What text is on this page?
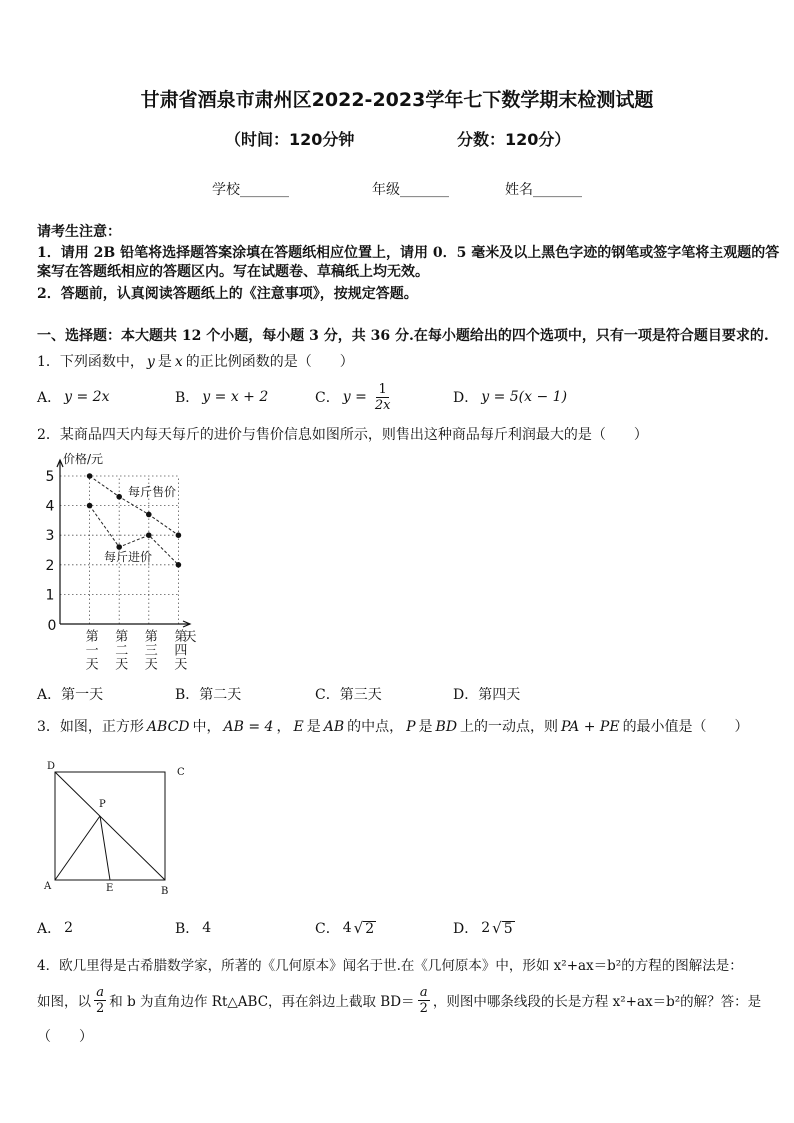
甘肃省酒泉市肃州区2022-2023学年七下数学期末检测试题
（时间：120分钟	分数：120分）
学校_______	年级_______	姓名_______
请考生注意：
1．请用 2B 铅笔将选择题答案涂填在答题纸相应位置上，请用 0．5 毫米及以上黑色字迹的钢笔或签字笔将主观题的答
案写在答题纸相应的答题区内。写在试题卷、草稿纸上均无效。
2．答题前，认真阅读答题纸上的《注意事项》，按规定答题。
一、选择题：本大题共 12 个小题，每小题 3 分，共 36 分.在每小题给出的四个选项中，只有一项是符合题目要求的.
1．下列函数中， y 是 x 的正比例函数的是（　　）
A． y = 2x	B． y = x + 2	C． $y = \frac{1}{2x}$	D． y = 5(x − 1)
2．某商品四天内每天每斤的进价与售价信息如图所示，则售出这种商品每斤利润最大的是（　　）
0
1
2
3
4
5
价格/元
天
每斤售价
每斤进价
第一天 第二天 第三天 第四天
A．第一天	B．第二天	C．第三天	D．第四天
3．如图，正方形 ABCD 中， AB = 4 ， E 是 AB 的中点， P 是 BD 上的一动点，则 PA + PE 的最小值是（　　）
D
C
A	E	B
P
A． 2	B． 4	C． 4 √ 2	D． 2 √ 5
4．欧几里得是古希腊数学家，所著的《几何原本》闻名于世.在《几何原本》中，形如 x²+ax＝b²的方程的图解法是：
如图，以 $\frac{a}{2}$ 和 b 为直角边作 Rt△ABC，再在斜边上截取 $BD= \frac{a}{2}$ ，则图中哪条线段的长是方程 x²+ax＝b²的解？答：是
（　　）
